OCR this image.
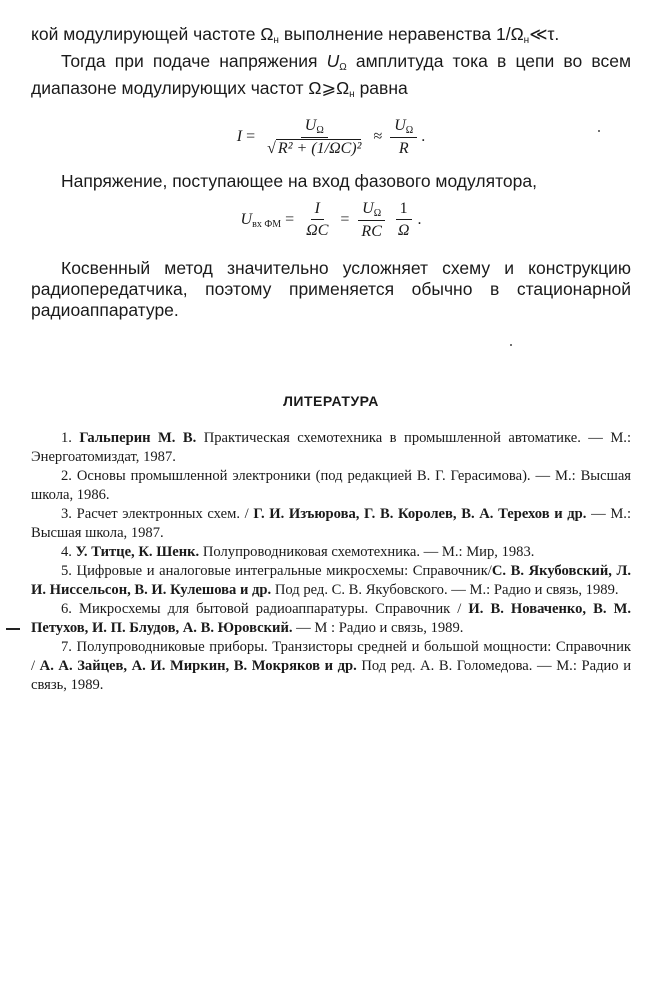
кой модулирующей частоте $\Omega_н$ выполнение неравенства $1/\Omega_н≪\tau$.

Тогда при подаче напряжения $U_\Omega$ амплитуда тока в цепи во всем диапазоне модулирующих частот $\Omega⩾\Omega_н$ равна

$I = \frac{U_\Omega}{\text{√ R² + (1/ΩC)²}} \approx \frac{U_\Omega}{R}$ .

Напряжение, поступающее на вход фазового модулятора,

$U_{вх ФМ} = \frac{I}{\Omega C} = \frac{U_\Omega}{RC} \frac{1}{\Omega}$ .

Косвенный метод значительно усложняет схему и конструкцию радиопередатчика, поэтому применяется обычно в стационарной радиоаппаратуре.

ЛИТЕРАТУРА

1. Гальперин М. В. Практическая схемотехника в промышленной автоматике. — М.: Энергоатомиздат, 1987.

2. Основы промышленной электроники (под редакцией В. Г. Герасимова). — М.: Высшая школа, 1986.

3. Расчет электронных схем. / Г. И. Изъюрова, Г. В. Королев, В. А. Терехов и др. — М.: Высшая школа, 1987.

4. У. Титце, К. Шенк. Полупроводниковая схемотехника. — М.: Мир, 1983.

5. Цифровые и аналоговые интегральные микросхемы: Справочник/С. В. Якубовский, Л. И. Ниссельсон, В. И. Кулешова и др. Под ред. С. В. Якубовского. — М.: Радио и связь, 1989.

6. Микросхемы для бытовой радиоаппаратуры. Справочник / И. В. Новаченко, В. М. Петухов, И. П. Блудов, А. В. Юровский. — М : Радио и связь, 1989.

7. Полупроводниковые приборы. Транзисторы средней и большой мощности: Справочник / А. А. Зайцев, А. И. Миркин, В. Мокряков и др. Под ред. А. В. Голомедова. — М.: Радио и связь, 1989.
